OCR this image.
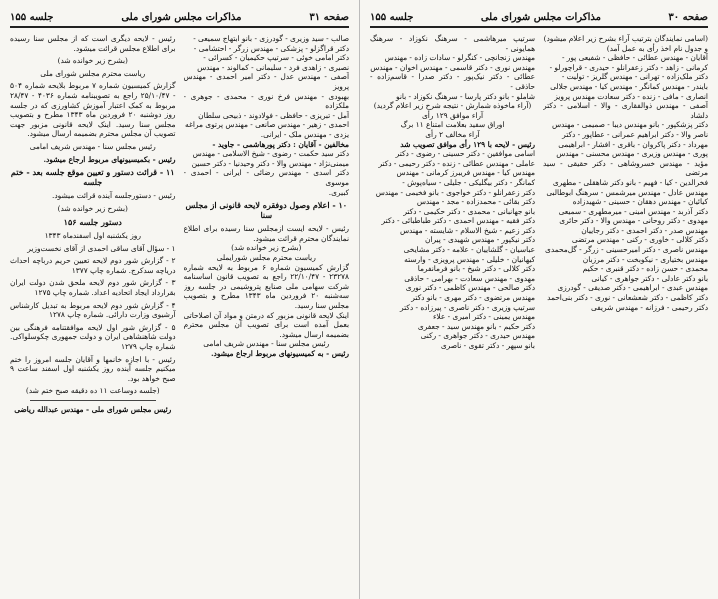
صفحه ۳۱
مذاکرات مجلس شورای ملی
جلسه ۱۵۵

صالب - سید وزیری - گودرزی - بانو ابتهاج سمیعی -

دکتر قراگزلو - پزشکی - مهندس زرگر - احتشامی -

دکتر امامی خوئی - سرتیپ حکیمیان - کسرائی -

نصیری - زاهدی فرد - سلیمانی - کمالوند - مهندس

آصفی - مهندس عدل - دکتر امیر احمدی - مهندس پرویز

بهبودی - مهندس فرخ نوری - محمدی - جوهری - ملکزاده

آمل - تبریزی - حافظی - فولادوند - ذبیحی سلطان

احمدی - زهیر - مهندس صانعی - مهندس پرتوی مراغه

یزدی - مهندس ملک - ایرانی.

مخالفین - آقایان : دکتر پورهاشمی - جاوید -

دکتر سید حکمت - رضوی - شیخ الاسلامی - مهندس

میمنی‌نژاد - مهندس والا - دکتر وحیدنیا - دکتر حسین

دکتر اسدی - مهندس رضائی - ایرانی - احمدی - موسوی

کبیری.

۱۰ - اعلام وصول دوفقره لایحه قانونی از مجلس سنا

رئیس - لایحه ایست ازمجلس سنا رسیده برای اطلاع نمایندگان محترم قرائت میشود.

(بشرح زیر خوانده شد)

ریاست محترم مجلس شورایملی

گزارش کمیسیون شماره ۶ مربوط به لایحه شماره ۲۳۲۷۸ - ۲۲/۱۰/۴۷ راجع به تصویب قانون اساسنامه شرکت سهامی ملی صنایع پتروشیمی در جلسه روز سه‌شنبه ۲۰ فروردین ماه ۱۳۴۳ مطرح و بتصویب مجلس سنا رسید.

اینک لایحه قانونی مزبور که درمتن و مواد آن اصلاحاتی بعمل آمده است برای تصویب آن مجلس محترم بضمیمه ارسال میشود.

رئیس مجلس سنا - مهندس شریف امامی

رئیس - به کمیسیونهای مربوط ارجاع میشود.

رئیس - لایحه دیگری است که از مجلس سنا رسیده برای اطلاع مجلس قرائت میشود.

(بشرح زیر خوانده شد)

ریاست محترم مجلس شورای ملی

گزارش کمیسیون شماره ۷ مربوط بلایحه شماره ۵۰۴ - ۲۵/۱۰/۴۷ راجع به تصویبنامه شماره ۴۰۳۶ - ۲۸/۴۷ مربوط به کمک اعتبار آموزش کشاورزی که در جلسه روز دوشنبه ۲۰ فروردین ماه ۱۳۴۳ مطرح و بتصویب مجلس سنا رسید. اینک لایحه قانونی مزبور جهت تصویب آن مجلس محترم بضمیمه ارسال میشود.

رئیس مجلس سنا - مهندس شریف امامی

رئیس - بکمیسیونهای مربوط ارجاع میشود.

۱۱ - قرائت دستور و تعیین موقع جلسه بعد - ختم جلسه

رئیس - دستورجلسه آینده قرائت میشود.

(بشرح زیر خوانده شد)

دستور جلسه ۱۵۶

روز یکشنبه اول اسفندماه ۱۳۴۳

۱ - سؤال آقای ساقی احمدی از آقای نخست‌وزیر

۲ - گزارش شور دوم لایحه تعیین حریم درباچه احداث دریاچه سدکرج. شماره چاپ ۱۳۷۷

۳ - گزارش شور دوم لایحه ملحق شدن دولت ایران بقرارداد ایجاد اتحادیه اعداد. شماره چاپ ۱۲۷۵

۴ - گزارش شور دوم لایحه مربوط به تبدیل کارشناس آرشیوی وزارت دارائی. شماره چاپ ۱۲۷۸

۵ - گزارش شور اول لایحه موافقتنامه فرهنگی بین دولت شاهنشاهی ایران و دولت جمهوری چکوسلواکی. شماره چاپ ۱۲۷۹

رئیس - با اجازه خانمها و آقایان جلسه امروز را ختم میکنیم جلسه آینده روز یکشنبه اول اسفند ساعت ۹ صبح خواهد بود.

(جلسه دوساعت ۱۱ ده دقیقه صبح ختم شد)

رئیس مجلس شورای ملی - مهندس عبدالله ریاضی

صفحه ۳۰
مذاکرات مجلس شورای ملی
جلسه ۱۵۵

(اسامی نمایندگان بترتیب آراء بشرح زیر اعلام میشود)

و جدول نام اخذ رأی به عمل آمد)

آقایان - مهندس عطائی - حافظی - شفیعی پور -

کرمانی - زاهد - دکتر زعفرانلو - حیدری - قراچورلو -

دکتر ملک‌زاده - تهرانی - مهندس گلریز - تولیت -

بایندر - مهندس کمانگر - مهندس کیا - مهندس جلالی

انصاری - مافی - زنده - دکتر سعادت مهندس پرویز

آصفی - مهندس ذوالفقاری - والا - اسلامی - دکتر دلشاد

دکتر پزشکپور - بانو مهندس دیبا - صمیمی - مهندس

ناصر والا - دکتر ابراهیم عمرانی - عطاپور - دکتر

مهرداد - دکتر پاکروان - باقری - افشار - ابراهیمی

پوری - مهندس وزیری - مهندس محسنی - مهندس

مؤید - مهندس خسروشاهی - دکتر حقیقی - سید مرتضی

فخرالدین - کیا - فهیم - بانو دکتر شاهقلی - مطهری

مهندس عادل - مهندس میرشمس - سرهنگ ابوطالبی

کیائیان - مهندس دهقان - حسینی - شهیدزاده

دکتر آذربد - مهندس امینی - میرمطهری - سمیعی

مهدوی - دکتر روحانی - مهندس والا - دکتر حائری

مهندس صدر - دکتر احمدی - دکتر رجاییان

دکتر کلالی - خاوری - رکنی - مهندس مرتضی

مهندس ناصری - دکتر امیرحسینی - زرگر - گل‌محمدی

مهندس بختیاری - نیکوبخت - دکتر مرزبان

محمدی - حسن زاده - دکتر قنبری - حکیم

بانو دکتر عادلی - دکتر جواهری - کیانی

مهندس عبدی - ابراهیمی - دکتر صدیقی - گودرزی

دکتر کاظمی - دکتر شعشعانی - نوری - دکتر بنی‌احمد

دکتر رحیمی - فرزانه - مهندس شریفی

سرتیپ میرهاشمی - سرهنگ نکوزاد - سرهنگ همایونی -

مهندس زنجانچی - کنگرلو - سادات زاده - مهندس

مهندس نوری - دکتر قاسمی - مهندس اخوان - مهندس

عطائی - دکتر نیک‌پور - دکتر صدرا - قاسم‌زاده - حاذقی -

شاملو - بانو دکتر پارسا - سرهنگ نکوزاد - بانو

(آراء ماخوذه شمارش - نتیجه شرح زیر اعلام گردید)

آراء موافق ۱۲۹ رأی

اوراق سفید بعلامت امتناع ۱۱ برگ

آراء مخالف ۲ رأی

رئیس - لایحه با ۱۲۹ رأی موافق تصویب شد

اسامی موافقین - دکتر حسینی - رضوی - دکتر

عاملی - مهندس عطائی - زنده - دکتر رحیمی - دکتر

مهندس کیا - مهندس فریبرز کرمانی - مهندس

کمانگر - دکتر بیگلیکی - جلیلی - سیاه‌پوش -

دکتر زعفرانلو - دکتر خواجوی - بانو فخیمی - مهندس

دکتر بقائی - محمدزاده - مجد - مهندس

بانو جهانبانی - محمدی - دکتر حکیمی - دکتر

دکتر فقیه - مهندس احمدی - دکتر طباطبائی - دکتر

دکتر زعیم - شیخ الاسلام - شایسته - مهندس

دکتر نیکپور - مهندس شهیدی - پیران

عباسیان - گلشاییان - علامه - دکتر مشایخی

کیهانیان - خلیلی - مهندس پرویزی - وارسته

دکتر کلالی - دکتر شیخ - بانو فرمانفرما

مهدوی - مهندس سعادت - بهرامی - حاذقی

دکتر صالحی - مهندس کاظمی - دکتر نوری

مهندس مرتضوی - دکتر مهری - بانو دکتر

سرتیپ وزیری - دکتر ناصری - پیرزاده - دکتر

مهندس یمینی - دکتر امیری - علاء

دکتر حکیم - بانو مهندس سید - جعفری

مهندس حیدری - دکتر جواهری - رکنی

بانو سپهر - دکتر تقوی - ناصری
